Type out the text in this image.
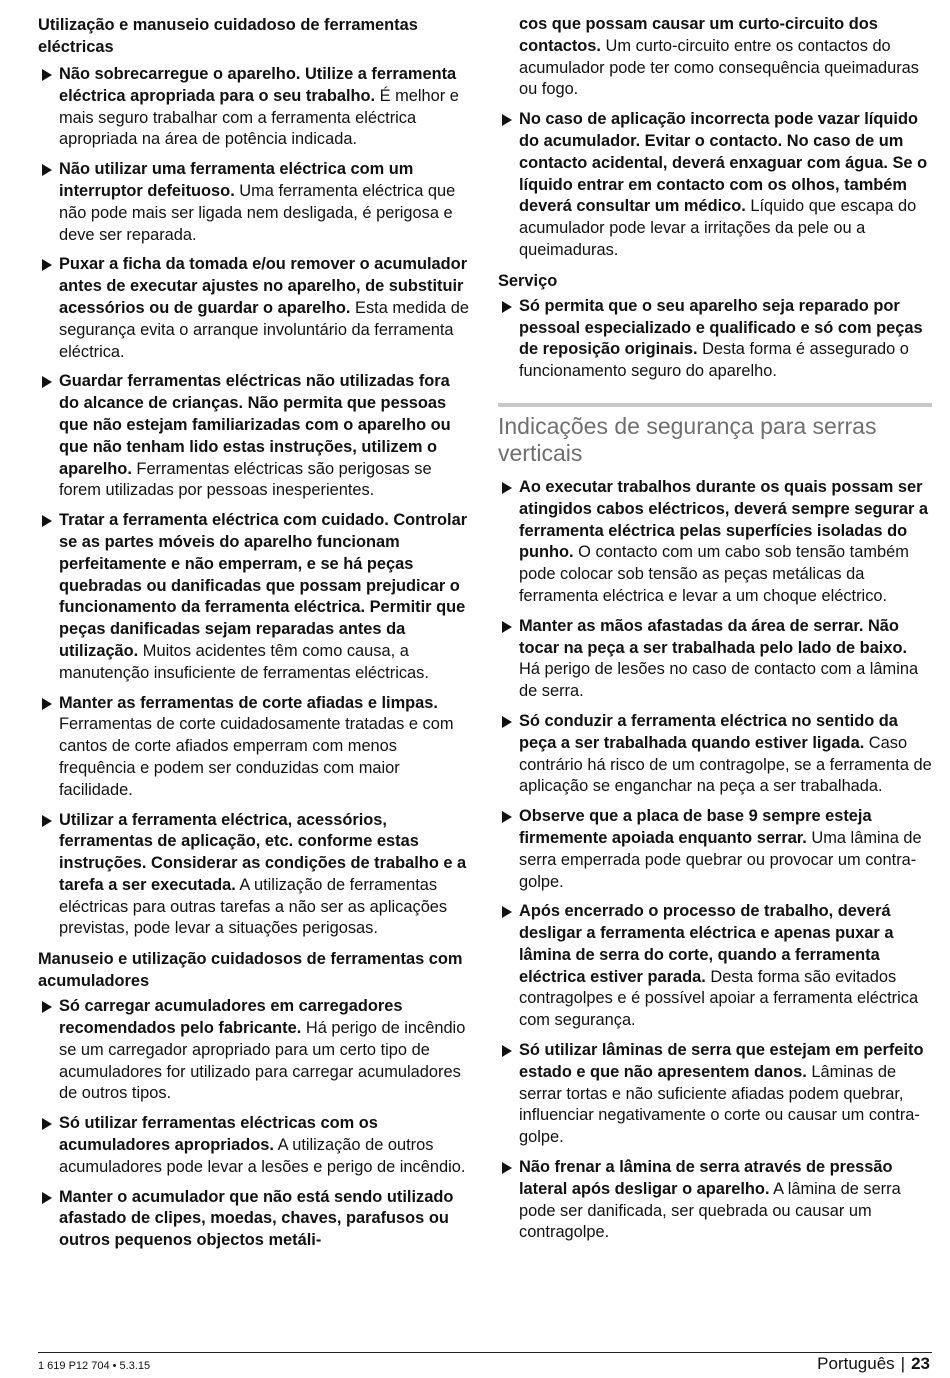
Utilização e manuseio cuidadoso de ferramentas eléctricas

Não sobrecarregue o aparelho. Utilize a ferramenta eléctrica apropriada para o seu trabalho. É melhor e mais seguro trabalhar com a ferramenta eléctrica apropriada na área de potência indicada.
Não utilizar uma ferramenta eléctrica com um interruptor defeituoso. Uma ferramenta eléctrica que não pode mais ser ligada nem desligada, é perigosa e deve ser reparada.
Puxar a ficha da tomada e/ou remover o acumulador antes de executar ajustes no aparelho, de substituir acessórios ou de guardar o aparelho. Esta medida de segurança evita o arranque involuntário da ferramenta eléctrica.
Guardar ferramentas eléctricas não utilizadas fora do alcance de crianças. Não permita que pessoas que não estejam familiarizadas com o aparelho ou que não tenham lido estas instruções, utilizem o aparelho. Ferramentas eléctricas são perigosas se forem utilizadas por pessoas inesperientes.
Tratar a ferramenta eléctrica com cuidado. Controlar se as partes móveis do aparelho funcionam perfeitamente e não emperram, e se há peças quebradas ou danificadas que possam prejudicar o funcionamento da ferramenta eléctrica. Permitir que peças danificadas sejam reparadas antes da utilização. Muitos acidentes têm como causa, a manutenção insuficiente de ferramentas eléctricas.
Manter as ferramentas de corte afiadas e limpas. Ferramentas de corte cuidadosamente tratadas e com cantos de corte afiados emperram com menos frequência e podem ser conduzidas com maior facilidade.
Utilizar a ferramenta eléctrica, acessórios, ferramentas de aplicação, etc. conforme estas instruções. Considerar as condições de trabalho e a tarefa a ser executada. A utilização de ferramentas eléctricas para outras tarefas a não ser as aplicações previstas, pode levar a situações perigosas.

Manuseio e utilização cuidadosos de ferramentas com acumuladores

Só carregar acumuladores em carregadores recomendados pelo fabricante. Há perigo de incêndio se um carregador apropriado para um certo tipo de acumuladores for utilizado para carregar acumuladores de outros tipos.
Só utilizar ferramentas eléctricas com os acumuladores apropriados. A utilização de outros acumuladores pode levar a lesões e perigo de incêndio.
Manter o acumulador que não está sendo utilizado afastado de clipes, moedas, chaves, parafusos ou outros pequenos objectos metáli-
cos que possam causar um curto-circuito dos contactos. Um curto-circuito entre os contactos do acumulador pode ter como consequência queimaduras ou fogo.
No caso de aplicação incorrecta pode vazar líquido do acumulador. Evitar o contacto. No caso de um contacto acidental, deverá enxaguar com água. Se o líquido entrar em contacto com os olhos, também deverá consultar um médico. Líquido que escapa do acumulador pode levar a irritações da pele ou a queimaduras.

Serviço

Só permita que o seu aparelho seja reparado por pessoal especializado e qualificado e só com peças de reposição originais. Desta forma é assegurado o funcionamento seguro do aparelho.
Indicações de segurança para serras verticais
Ao executar trabalhos durante os quais possam ser atingidos cabos eléctricos, deverá sempre segurar a ferramenta eléctrica pelas superfícies isoladas do punho. O contacto com um cabo sob tensão também pode colocar sob tensão as peças metálicas da ferramenta eléctrica e levar a um choque eléctrico.
Manter as mãos afastadas da área de serrar. Não tocar na peça a ser trabalhada pelo lado de baixo. Há perigo de lesões no caso de contacto com a lâmina de serra.
Só conduzir a ferramenta eléctrica no sentido da peça a ser trabalhada quando estiver ligada. Caso contrário há risco de um contragolpe, se a ferramenta de aplicação se enganchar na peça a ser trabalhada.
Observe que a placa de base 9 sempre esteja firmemente apoiada enquanto serrar. Uma lâmina de serra emperrada pode quebrar ou provocar um contra-golpe.
Após encerrado o processo de trabalho, deverá desligar a ferramenta eléctrica e apenas puxar a lâmina de serra do corte, quando a ferramenta eléctrica estiver parada. Desta forma são evitados contragolpes e é possível apoiar a ferramenta eléctrica com segurança.
Só utilizar lâminas de serra que estejam em perfeito estado e que não apresentem danos. Lâminas de serrar tortas e não suficiente afiadas podem quebrar, influenciar negativamente o corte ou causar um contra-golpe.
Não frenar a lâmina de serra através de pressão lateral após desligar o aparelho. A lâmina de serra pode ser danificada, ser quebrada ou causar um contragolpe.
1 619 P12 704 • 5.3.15	Português | 23
